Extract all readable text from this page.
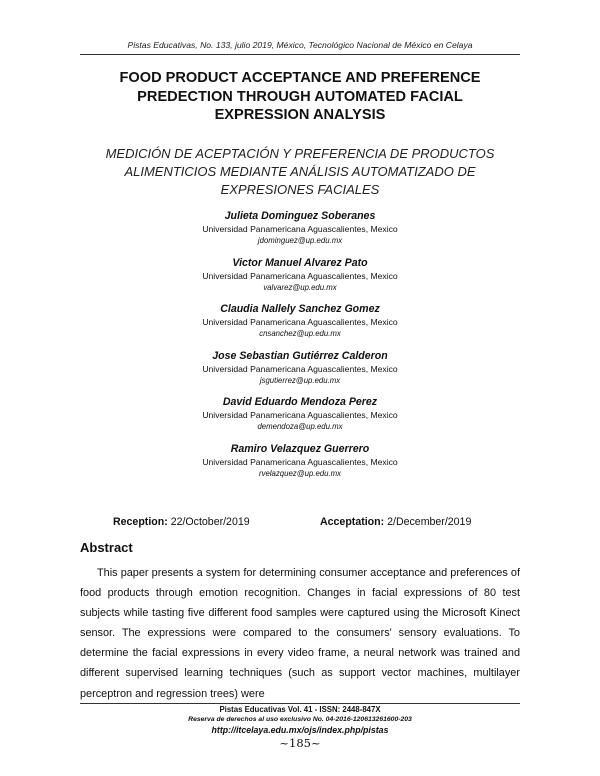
Pistas Educativas, No. 133, julio 2019, México, Tecnológico Nacional de México en Celaya
FOOD PRODUCT ACCEPTANCE AND PREFERENCE
PREDECTION THROUGH AUTOMATED FACIAL
EXPRESSION ANALYSIS
MEDICIÓN DE ACEPTACIÓN Y PREFERENCIA DE PRODUCTOS
ALIMENTICIOS MEDIANTE ANÁLISIS AUTOMATIZADO DE
EXPRESIONES FACIALES
Julieta Dominguez Soberanes
Universidad Panamericana Aguascalientes, Mexico
jdominguez@up.edu.mx
Victor Manuel Alvarez Pato
Universidad Panamericana Aguascalientes, Mexico
valvarez@up.edu.mx
Claudia Nallely Sanchez Gomez
Universidad Panamericana Aguascalientes, Mexico
cnsanchez@up.edu.mx
Jose Sebastian Gutiérrez Calderon
Universidad Panamericana Aguascalientes, Mexico
jsgutierrez@up.edu.mx
David Eduardo Mendoza Perez
Universidad Panamericana Aguascalientes, Mexico
demendoza@up.edu.mx
Ramiro Velazquez Guerrero
Universidad Panamericana Aguascalientes, Mexico
rvelazquez@up.edu.mx
Reception: 22/October/2019	Acceptation: 2/December/2019
Abstract
This paper presents a system for determining consumer acceptance and preferences of food products through emotion recognition. Changes in facial expressions of 80 test subjects while tasting five different food samples were captured using the Microsoft Kinect sensor. The expressions were compared to the consumers' sensory evaluations. To determine the facial expressions in every video frame, a neural network was trained and different supervised learning techniques (such as support vector machines, multilayer perceptron and regression trees) were
Pistas Educativas Vol. 41 - ISSN: 2448-847X
Reserva de derechos al uso exclusivo No. 04-2016-120613261600-203
http://itcelaya.edu.mx/ojs/index.php/pistas
~185~
